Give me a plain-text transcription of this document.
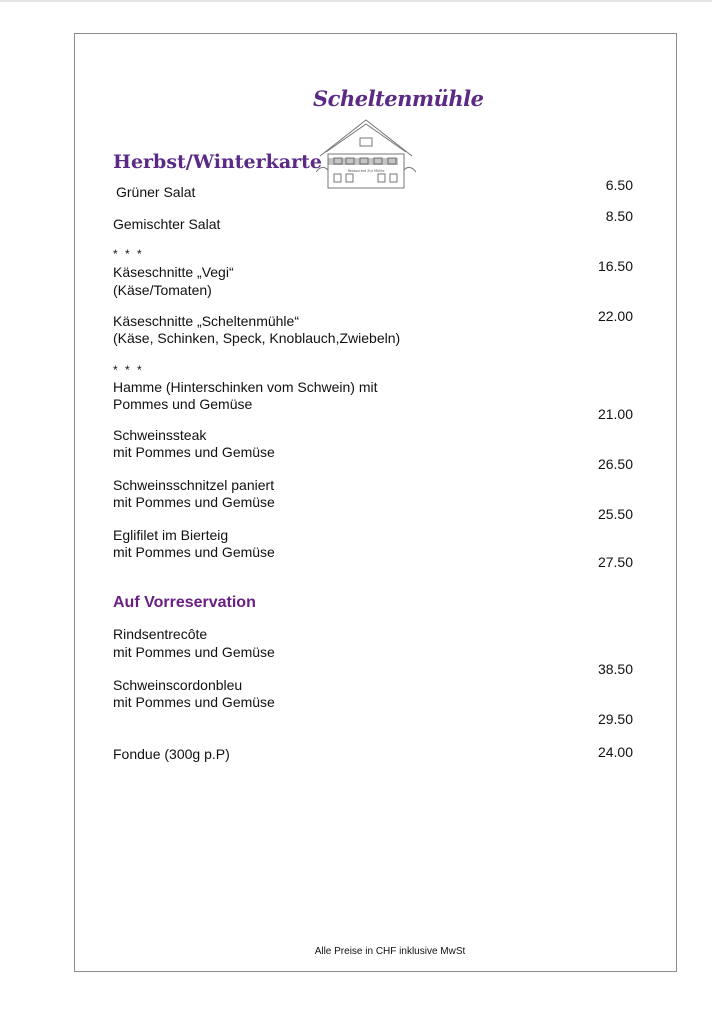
Scheltenmühle
Restaurant Zur Mühle
Herbst/Winterkarte
Grüner Salat	6.50
Gemischter Salat	8.50
* * *
Käseschnitte „Vegi“
(Käse/Tomaten)
16.50
Käseschnitte „Scheltenmühle“
(Käse, Schinken, Speck, Knoblauch,Zwiebeln)
22.00
* * *
Hamme (Hinterschinken vom Schwein) mit
Pommes und Gemüse
21.00
Schweinssteak
mit Pommes und Gemüse
26.50
Schweinsschnitzel paniert
mit Pommes und Gemüse
25.50
Eglifilet im Bierteig
mit Pommes und Gemüse
27.50
Auf Vorreservation
Rindsentrecôte
mit Pommes und Gemüse
38.50
Schweinscordonbleu
mit Pommes und Gemüse
29.50
Fondue (300g p.P)	24.00
Alle Preise in CHF inklusive MwSt
